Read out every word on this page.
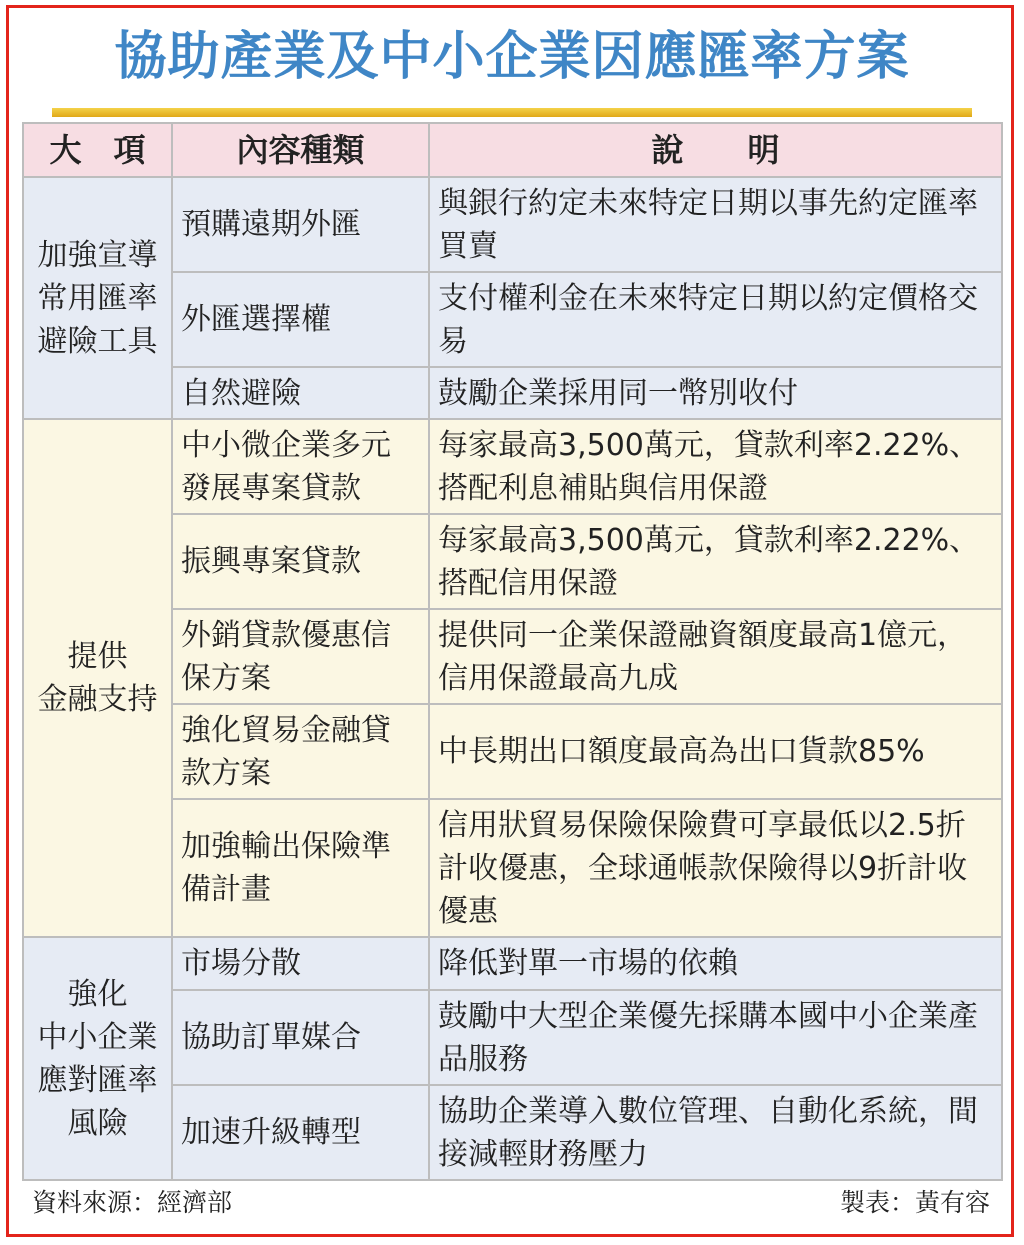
協助產業及中小企業因應匯率方案
大　項	內容種類	說　　明
加強宣導
常用匯率
避險工具	預購遠期外匯	與銀行約定未來特定日期以事先約定匯率買賣
	外匯選擇權	支付權利金在未來特定日期以約定價格交易
	自然避險	鼓勵企業採用同一幣別收付
提供
金融支持	中小微企業多元發展專案貸款	每家最高3,500萬元，貸款利率2.22%、搭配利息補貼與信用保證
	振興專案貸款	每家最高3,500萬元，貸款利率2.22%、搭配信用保證
	外銷貸款優惠信保方案	提供同一企業保證融資額度最高1億元，信用保證最高九成
	強化貿易金融貸款方案	中長期出口額度最高為出口貨款85%
	加強輸出保險準備計畫	信用狀貿易保險保險費可享最低以2.5折計收優惠，全球通帳款保險得以9折計收優惠
強化
中小企業
應對匯率
風險	市場分散	降低對單一市場的依賴
	協助訂單媒合	鼓勵中大型企業優先採購本國中小企業產品服務
	加速升級轉型	協助企業導入數位管理、自動化系統，間接減輕財務壓力
資料來源：經濟部	製表：黃有容
